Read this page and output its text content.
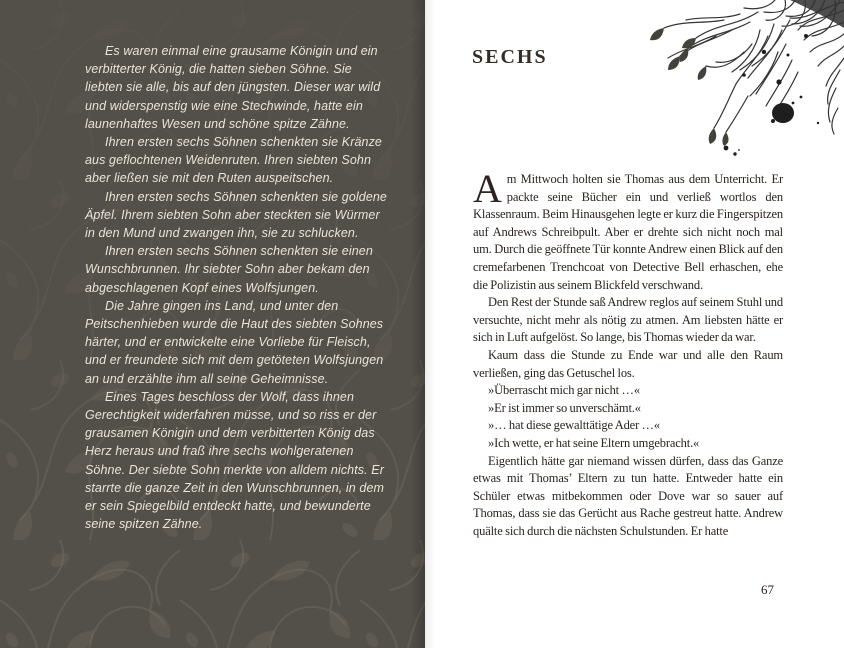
Es waren einmal eine grausame Königin und ein verbitterter König, die hatten sieben Söhne. Sie liebten sie alle, bis auf den jüngsten. Dieser war wild und widerspenstig wie eine Stechwinde, hatte ein launenhaftes Wesen und schöne spitze Zähne.

Ihren ersten sechs Söhnen schenkten sie Kränze aus geflochtenen Weidenruten. Ihren siebten Sohn aber ließen sie mit den Ruten auspeitschen.

Ihren ersten sechs Söhnen schenkten sie goldene Äpfel. Ihrem siebten Sohn aber steckten sie Würmer in den Mund und zwangen ihn, sie zu schlucken.

Ihren ersten sechs Söhnen schenkten sie einen Wunschbrunnen. Ihr siebter Sohn aber bekam den abgeschlagenen Kopf eines Wolfsjungen.

Die Jahre gingen ins Land, und unter den Peitschenhieben wurde die Haut des siebten Sohnes härter, und er entwickelte eine Vorliebe für Fleisch, und er freundete sich mit dem getöteten Wolfsjungen an und erzählte ihm all seine Geheimnisse.

Eines Tages beschloss der Wolf, dass ihnen Gerechtigkeit widerfahren müsse, und so riss er der grausamen Königin und dem verbitterten König das Herz heraus und fraß ihre sechs wohlgeratenen Söhne. Der siebte Sohn merkte von alldem nichts. Er starrte die ganze Zeit in den Wunschbrunnen, in dem er sein Spiegelbild entdeckt hatte, und bewunderte seine spitzen Zähne.

SECHS

Am Mittwoch holten sie Thomas aus dem Unterricht. Er packte seine Bücher ein und verließ wortlos den Klassenraum. Beim Hinausgehen legte er kurz die Fingerspitzen auf Andrews Schreibpult. Aber er drehte sich nicht noch mal um. Durch die geöffnete Tür konnte Andrew einen Blick auf den cremefarbenen Trenchcoat von Detective Bell erhaschen, ehe die Polizistin aus seinem Blickfeld verschwand.

Den Rest der Stunde saß Andrew reglos auf seinem Stuhl und versuchte, nicht mehr als nötig zu atmen. Am liebsten hätte er sich in Luft aufgelöst. So lange, bis Thomas wieder da war.

Kaum dass die Stunde zu Ende war und alle den Raum verließen, ging das Getuschel los.

»Überrascht mich gar nicht …«

»Er ist immer so unverschämt.«

»… hat diese gewalttätige Ader …«

»Ich wette, er hat seine Eltern umgebracht.«

Eigentlich hätte gar niemand wissen dürfen, dass das Ganze etwas mit Thomas’ Eltern zu tun hatte. Entweder hatte ein Schüler etwas mitbekommen oder Dove war so sauer auf Thomas, dass sie das Gerücht aus Rache gestreut hatte. Andrew quälte sich durch die nächsten Schulstunden. Er hatte

67
